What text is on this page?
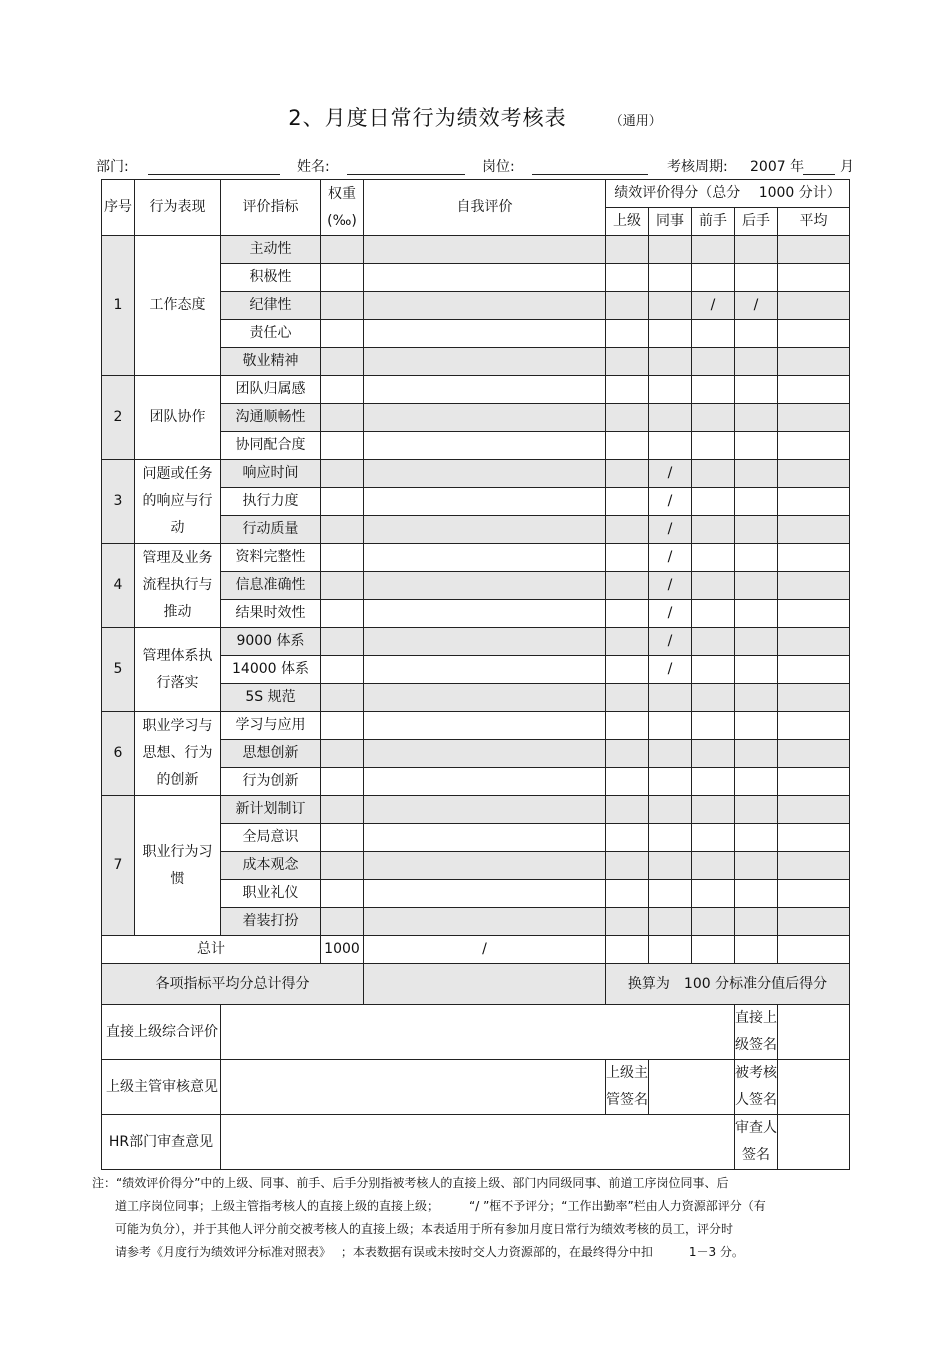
2、月度日常行为绩效考核表	（通用）
部门:	姓名:	岗位:	考核周期: 2007 年	月
序号	行为表现	评价指标	权重
(‰)	自我评价	绩效评价得分（总分　 1000 分计）				
					上级	同事	前手	后手	平均
1	工作态度	主动性							
		积极性							
		纪律性					/	/	
		责任心							
		敬业精神							
2	团队协作	团队归属感							
		沟通顺畅性							
		协同配合度							
3	问题或任务的响应与行动	响应时间				/			
		执行力度				/			
		行动质量				/			
4	管理及业务流程执行与推动	资料完整性				/			
		信息准确性				/			
		结果时效性				/			
5	管理体系执行落实	9000 体系				/			
		14000 体系				/			
		5S 规范							
6	职业学习与思想、行为的创新	学习与应用							
		思想创新							
		行为创新							
7	职业行为习惯	新计划制订							
		全局意识							
		成本观念							
		职业礼仪							
		着装打扮							
总计			1000	/					
各项指标平均分总计得分					换算为　100 分标准分值后得分				
直接上级综合评价								直接上级签名	
上级主管审核意见					上级主管签名			被考核人签名	
HR部门审查意见								审查人签名	
注：“绩效评价得分”中的上级、同事、前手、后手分别指被考核人的直接上级、部门内同级同事、前道工序岗位同事、后
道工序岗位同事；上级主管指考核人的直接上级的直接上级；　　　“/ ”框不予评分；“工作出勤率”栏由人力资源部评分（有
可能为负分），并于其他人评分前交被考核人的直接上级；本表适用于所有参加月度日常行为绩效考核的员工，评分时
请参考《月度行为绩效评分标准对照表》　 ；本表数据有误或未按时交人力资源部的，在最终得分中扣　　　1－3 分。
